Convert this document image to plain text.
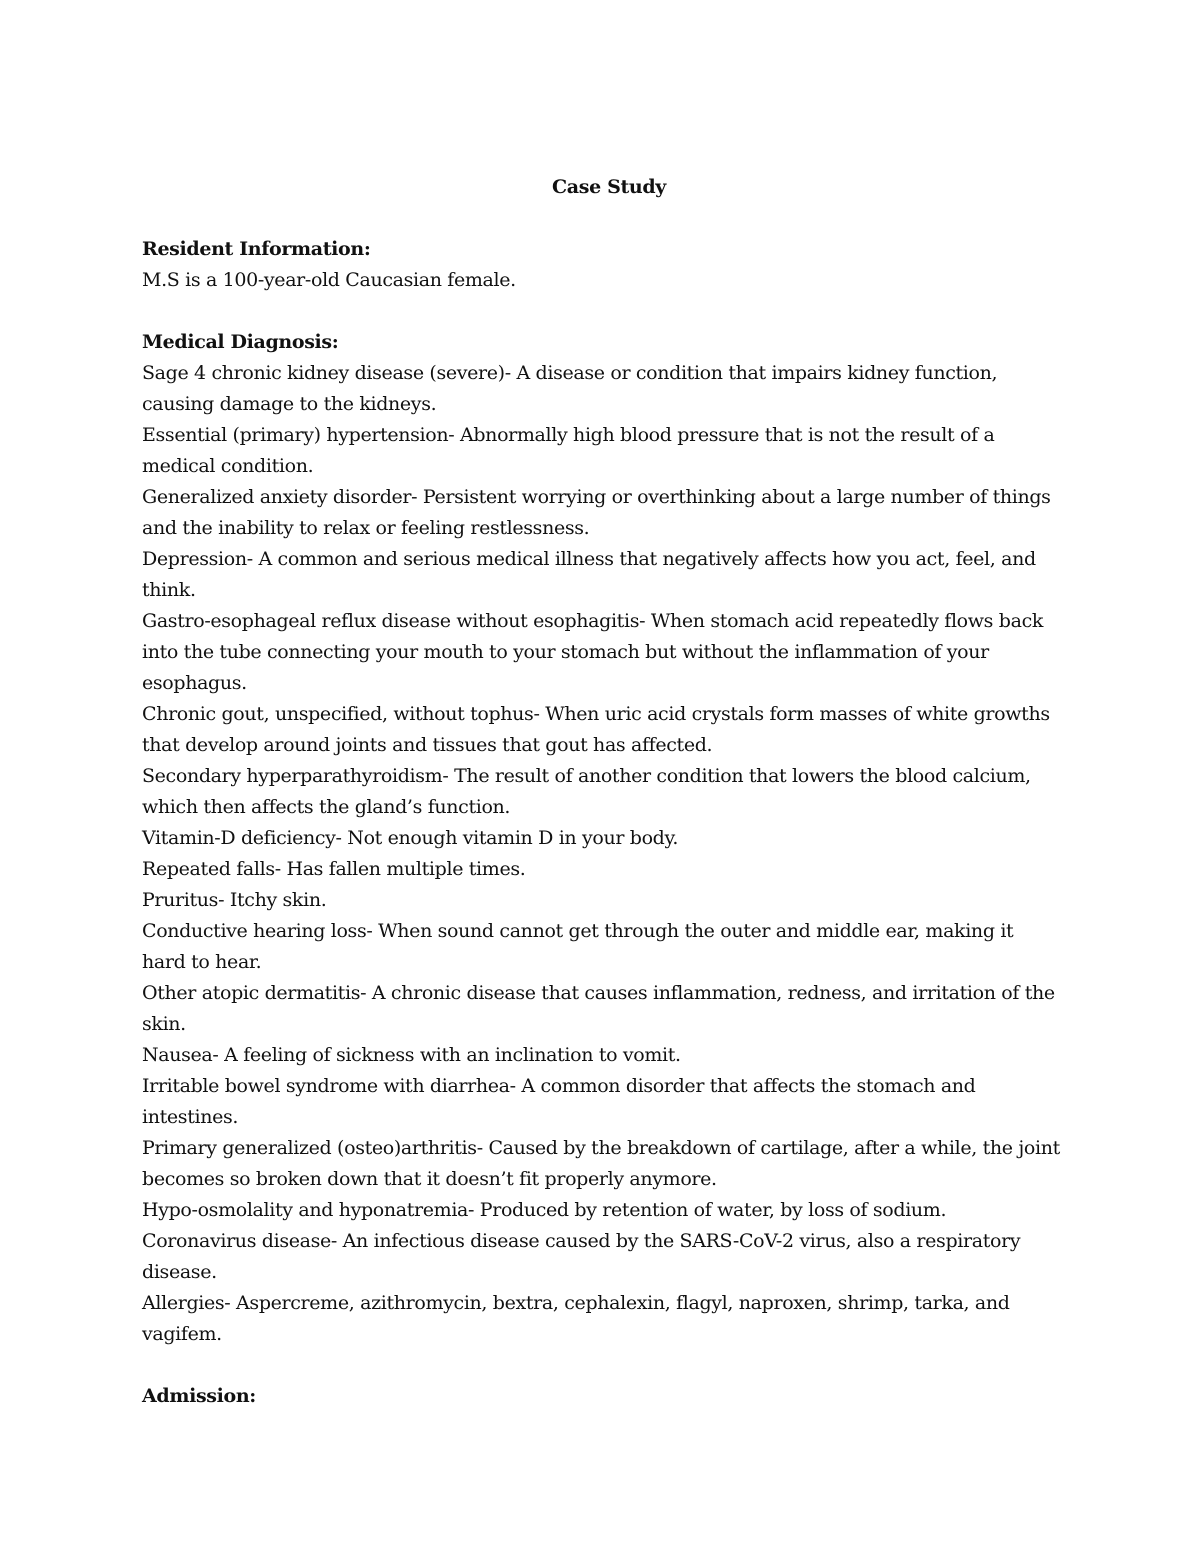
Case Study

Resident Information:

M.S is a 100-year-old Caucasian female.

Medical Diagnosis:

Sage 4 chronic kidney disease (severe)- A disease or condition that impairs kidney function, causing damage to the kidneys.

Essential (primary) hypertension- Abnormally high blood pressure that is not the result of a medical condition.

Generalized anxiety disorder- Persistent worrying or overthinking about a large number of things and the inability to relax or feeling restlessness.

Depression- A common and serious medical illness that negatively affects how you act, feel, and think.

Gastro-esophageal reflux disease without esophagitis- When stomach acid repeatedly flows back into the tube connecting your mouth to your stomach but without the inflammation of your esophagus.

Chronic gout, unspecified, without tophus- When uric acid crystals form masses of white growths that develop around joints and tissues that gout has affected.

Secondary hyperparathyroidism- The result of another condition that lowers the blood calcium, which then affects the gland’s function.

Vitamin-D deficiency- Not enough vitamin D in your body.

Repeated falls- Has fallen multiple times.

Pruritus- Itchy skin.

Conductive hearing loss- When sound cannot get through the outer and middle ear, making it hard to hear.

Other atopic dermatitis- A chronic disease that causes inflammation, redness, and irritation of the skin.

Nausea- A feeling of sickness with an inclination to vomit.

Irritable bowel syndrome with diarrhea- A common disorder that affects the stomach and intestines.

Primary generalized (osteo)arthritis- Caused by the breakdown of cartilage, after a while, the joint becomes so broken down that it doesn’t fit properly anymore.

Hypo-osmolality and hyponatremia- Produced by retention of water, by loss of sodium.

Coronavirus disease- An infectious disease caused by the SARS-CoV-2 virus, also a respiratory disease.

Allergies- Aspercreme, azithromycin, bextra, cephalexin, flagyl, naproxen, shrimp, tarka, and vagifem.

Admission:
